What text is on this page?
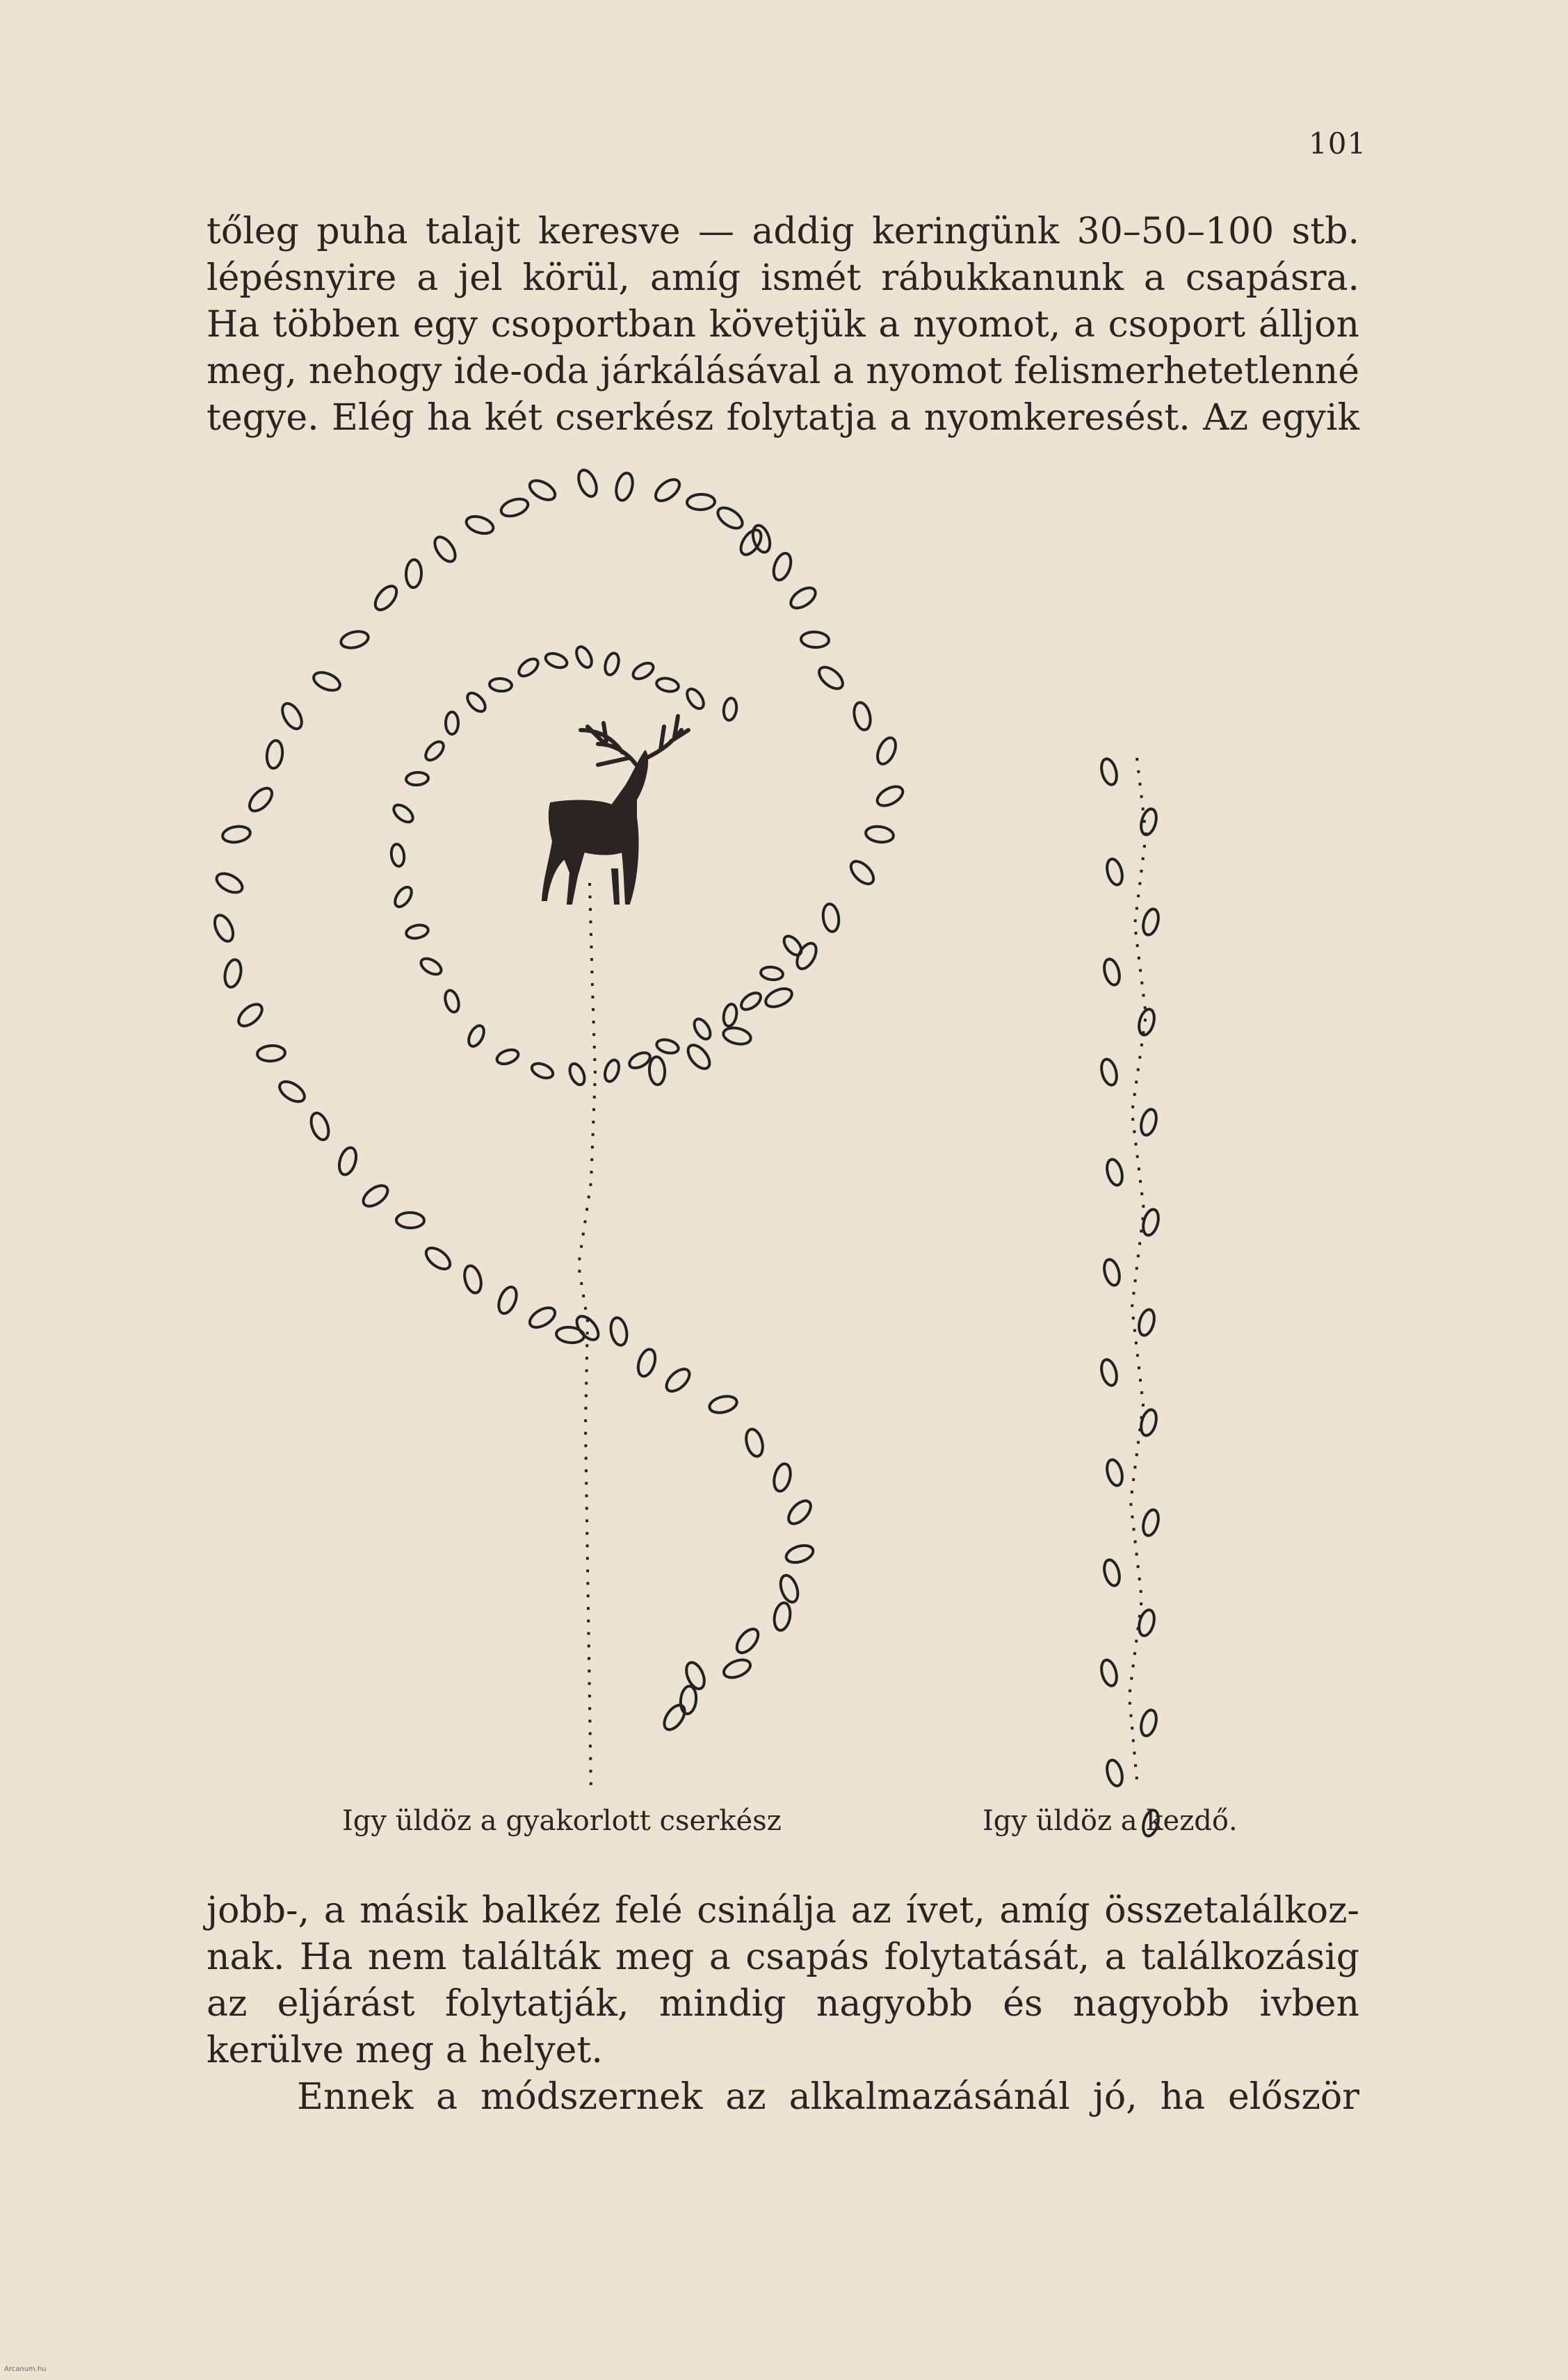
101
tőleg puha talajt keresve — addig keringünk 30–50–100 stb.
lépésnyire a jel körül, amíg ismét rábukkanunk a csapásra.
Ha többen egy csoportban követjük a nyomot, a csoport álljon
meg, nehogy ide-oda járkálásával a nyomot felismerhetetlenné
tegye. Elég ha két cserkész folytatja a nyomkeresést. Az egyik
Igy üldöz a gyakorlott cserkész	Igy üldöz a kezdő.
jobb-, a másik balkéz felé csinálja az ívet, amíg összetalálkoz-
nak. Ha nem találták meg a csapás folytatását, a találkozásig
az eljárást folytatják, mindig nagyobb és nagyobb ivben
kerülve meg a helyet.
Ennek a módszernek az alkalmazásánál jó, ha először
Arcanum.hu
